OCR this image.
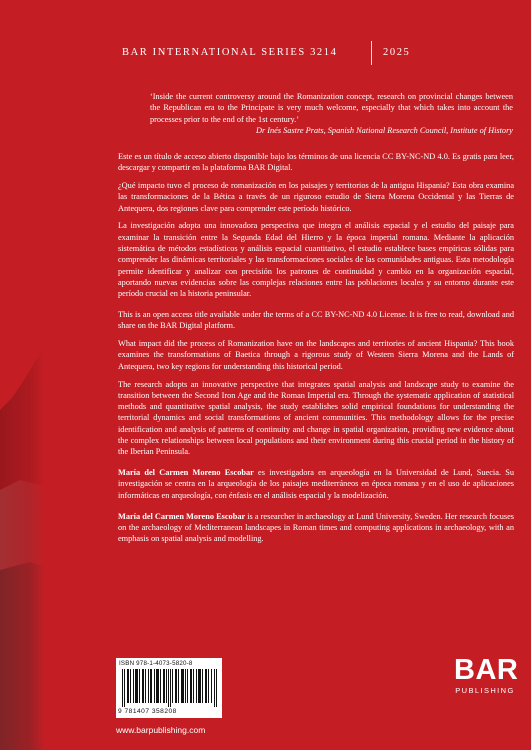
BAR INTERNATIONAL SERIES 3214	2025

‘Inside the current controversy around the Romanization concept, research on provincial changes between the Republican era to the Principate is very much welcome, especially that which takes into account the processes prior to the end of the 1st century.’

Dr Inés Sastre Prats, Spanish National Research Council, Institute of History

Este es un título de acceso abierto disponible bajo los términos de una licencia CC BY-NC-ND 4.0. Es gratis para leer, descargar y compartir en la plataforma BAR Digital.

¿Qué impacto tuvo el proceso de romanización en los paisajes y territorios de la antigua Hispania? Esta obra examina las transformaciones de la Bética a través de un riguroso estudio de Sierra Morena Occidental y las Tierras de Antequera, dos regiones clave para comprender este período histórico.

La investigación adopta una innovadora perspectiva que integra el análisis espacial y el estudio del paisaje para examinar la transición entre la Segunda Edad del Hierro y la época imperial romana. Mediante la aplicación sistemática de métodos estadísticos y análisis espacial cuantitativo, el estudio establece bases empíricas sólidas para comprender las dinámicas territoriales y las transformaciones sociales de las comunidades antiguas. Esta metodología permite identificar y analizar con precisión los patrones de continuidad y cambio en la organización espacial, aportando nuevas evidencias sobre las complejas relaciones entre las poblaciones locales y su entorno durante este período crucial en la historia peninsular.

This is an open access title available under the terms of a CC BY-NC-ND 4.0 License. It is free to read, download and share on the BAR Digital platform.

What impact did the process of Romanization have on the landscapes and territories of ancient Hispania? This book examines the transformations of Baetica through a rigorous study of Western Sierra Morena and the Lands of Antequera, two key regions for understanding this historical period.

The research adopts an innovative perspective that integrates spatial analysis and landscape study to examine the transition between the Second Iron Age and the Roman Imperial era. Through the systematic application of statistical methods and quantitative spatial analysis, the study establishes solid empirical foundations for understanding the territorial dynamics and social transformations of ancient communities. This methodology allows for the precise identification and analysis of patterns of continuity and change in spatial organization, providing new evidence about the complex relationships between local populations and their environment during this crucial period in the history of the Iberian Peninsula.

María del Carmen Moreno Escobar es investigadora en arqueología en la Universidad de Lund, Suecia. Su investigación se centra en la arqueología de los paisajes mediterráneos en época romana y en el uso de aplicaciones informáticas en arqueología, con énfasis en el análisis espacial y la modelización.

María del Carmen Moreno Escobar is a researcher in archaeology at Lund University, Sweden. Her research focuses on the archaeology of Mediterranean landscapes in Roman times and computing applications in archaeology, with an emphasis on spatial analysis and modelling.

ISBN 978-1-4073-5820-8
9 781407 358208
www.barpublishing.com
BAR
PUBLISHING
